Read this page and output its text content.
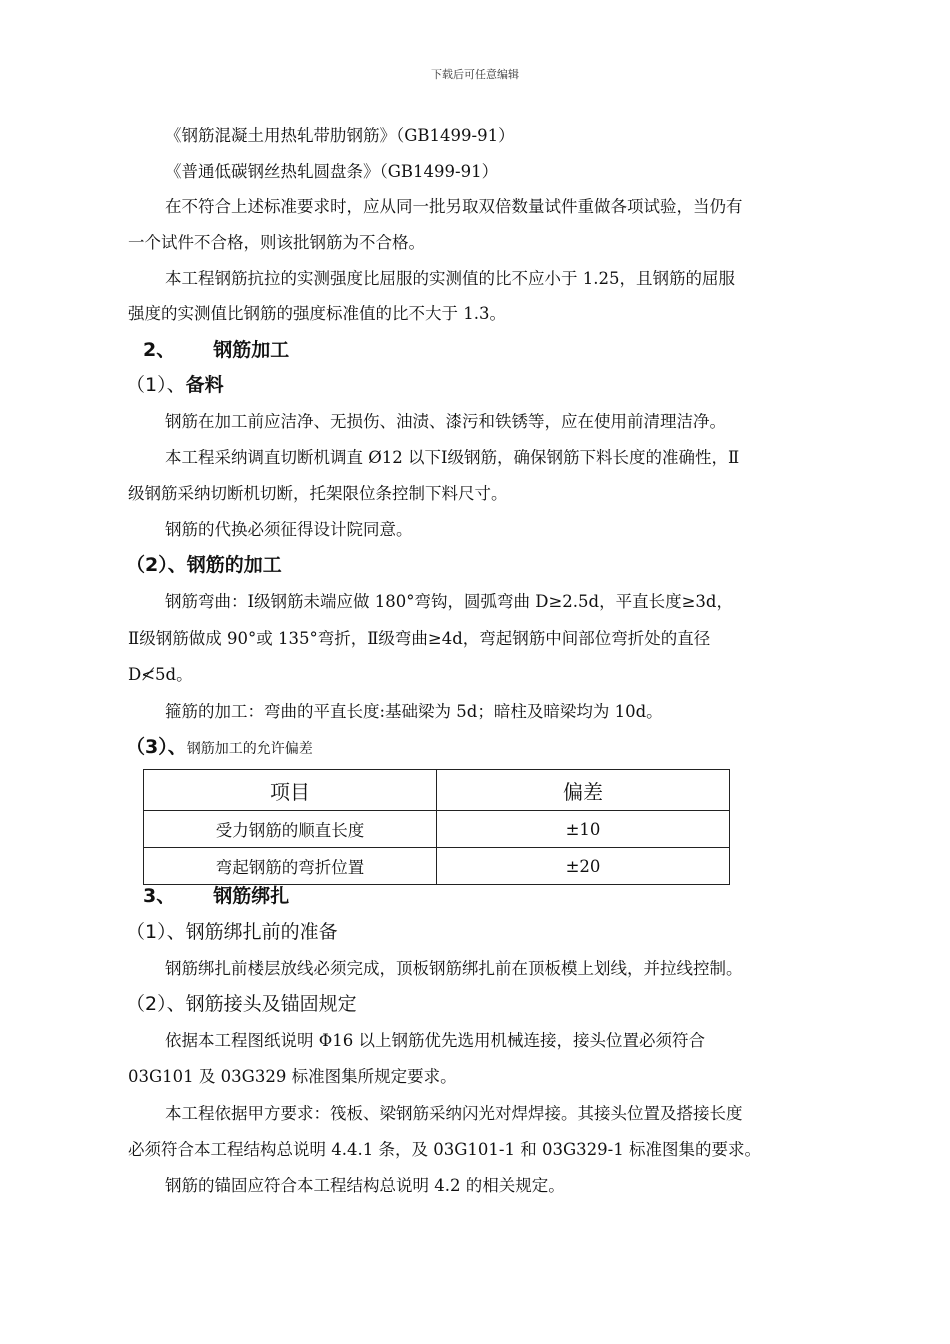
下载后可任意编辑
《钢筋混凝土用热轧带肋钢筋》（GB1499-91）
《普通低碳钢丝热轧圆盘条》（GB1499-91）
在不符合上述标准要求时，应从同一批另取双倍数量试件重做各项试验，当仍有
一个试件不合格，则该批钢筋为不合格。
本工程钢筋抗拉的实测强度比屈服的实测值的比不应小于 1.25，且钢筋的屈服
强度的实测值比钢筋的强度标准值的比不大于 1.3。
2、 钢筋加工
（1）、备料
钢筋在加工前应洁净、无损伤、油渍、漆污和铁锈等，应在使用前清理洁净。
本工程采纳调直切断机调直 Ø12 以下Ⅰ级钢筋，确保钢筋下料长度的准确性，Ⅱ
级钢筋采纳切断机切断，托架限位条控制下料尺寸。
钢筋的代换必须征得设计院同意。
（2）、钢筋的加工
钢筋弯曲：Ⅰ级钢筋未端应做 180°弯钩，圆弧弯曲 D≥2.5d，平直长度≥3d，
Ⅱ级钢筋做成 90°或 135°弯折，Ⅱ级弯曲≥4d，弯起钢筋中间部位弯折处的直径
D≮5d。
箍筋的加工：弯曲的平直长度:基础梁为 5d；暗柱及暗梁均为 10d。
（3）、钢筋加工的允许偏差
项目	偏差
受力钢筋的顺直长度	±10
弯起钢筋的弯折位置	±20
3、 钢筋绑扎
（1）、钢筋绑扎前的准备
钢筋绑扎前楼层放线必须完成，顶板钢筋绑扎前在顶板模上划线，并拉线控制。
（2）、钢筋接头及锚固规定
依据本工程图纸说明 Φ16 以上钢筋优先选用机械连接，接头位置必须符合
03G101 及 03G329 标准图集所规定要求。
本工程依据甲方要求：筏板、梁钢筋采纳闪光对焊焊接。其接头位置及搭接长度
必须符合本工程结构总说明 4.4.1 条，及 03G101-1 和 03G329-1 标准图集的要求。
钢筋的锚固应符合本工程结构总说明 4.2 的相关规定。
